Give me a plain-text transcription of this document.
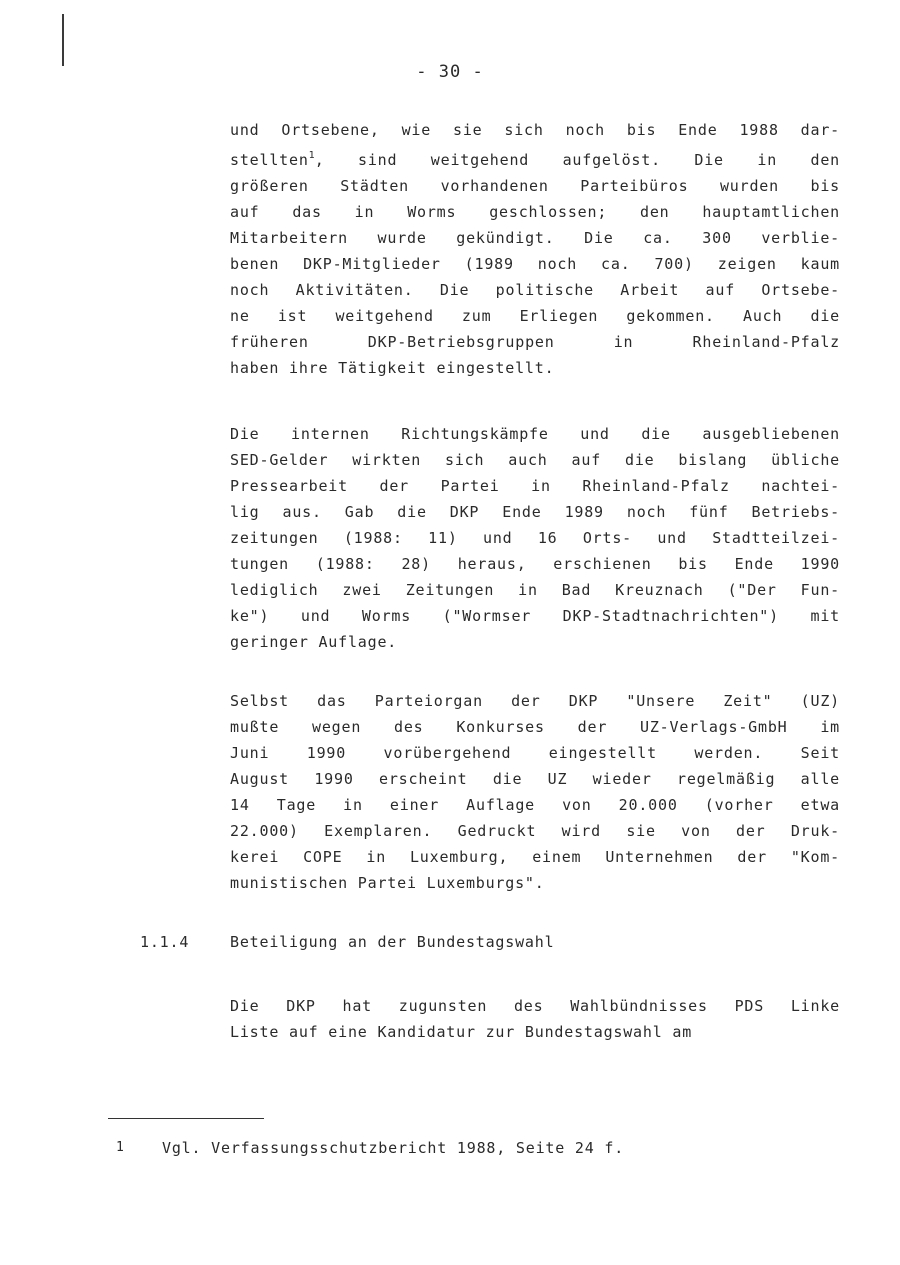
- 30 -
und Ortsebene, wie sie sich noch bis Ende 1988 dar-
stellten$^1$, sind weitgehend aufgelöst. Die in den
größeren Städten vorhandenen Parteibüros wurden bis
auf das in Worms geschlossen; den hauptamtlichen
Mitarbeitern wurde gekündigt. Die ca. 300 verblie-
benen DKP-Mitglieder (1989 noch ca. 700) zeigen kaum
noch Aktivitäten. Die politische Arbeit auf Ortsebe-
ne ist weitgehend zum Erliegen gekommen. Auch die
früheren DKP-Betriebsgruppen in Rheinland-Pfalz
haben ihre Tätigkeit eingestellt.
Die internen Richtungskämpfe und die ausgebliebenen
SED-Gelder wirkten sich auch auf die bislang übliche
Pressearbeit der Partei in Rheinland-Pfalz nachtei-
lig aus. Gab die DKP Ende 1989 noch fünf Betriebs-
zeitungen (1988: 11) und 16 Orts- und Stadtteilzei-
tungen (1988: 28) heraus, erschienen bis Ende 1990
lediglich zwei Zeitungen in Bad Kreuznach ("Der Fun-
ke") und Worms ("Wormser DKP-Stadtnachrichten") mit
geringer Auflage.
Selbst das Parteiorgan der DKP "Unsere Zeit" (UZ)
mußte wegen des Konkurses der UZ-Verlags-GmbH im
Juni 1990 vorübergehend eingestellt werden. Seit
August 1990 erscheint die UZ wieder regelmäßig alle
14 Tage in einer Auflage von 20.000 (vorher etwa
22.000) Exemplaren. Gedruckt wird sie von der Druk-
kerei COPE in Luxemburg, einem Unternehmen der "Kom-
munistischen Partei Luxemburgs".
1.1.4	Beteiligung an der Bundestagswahl
Die DKP hat zugunsten des Wahlbündnisses PDS Linke
Liste auf eine Kandidatur zur Bundestagswahl am
1	Vgl. Verfassungsschutzbericht 1988, Seite 24 f.
